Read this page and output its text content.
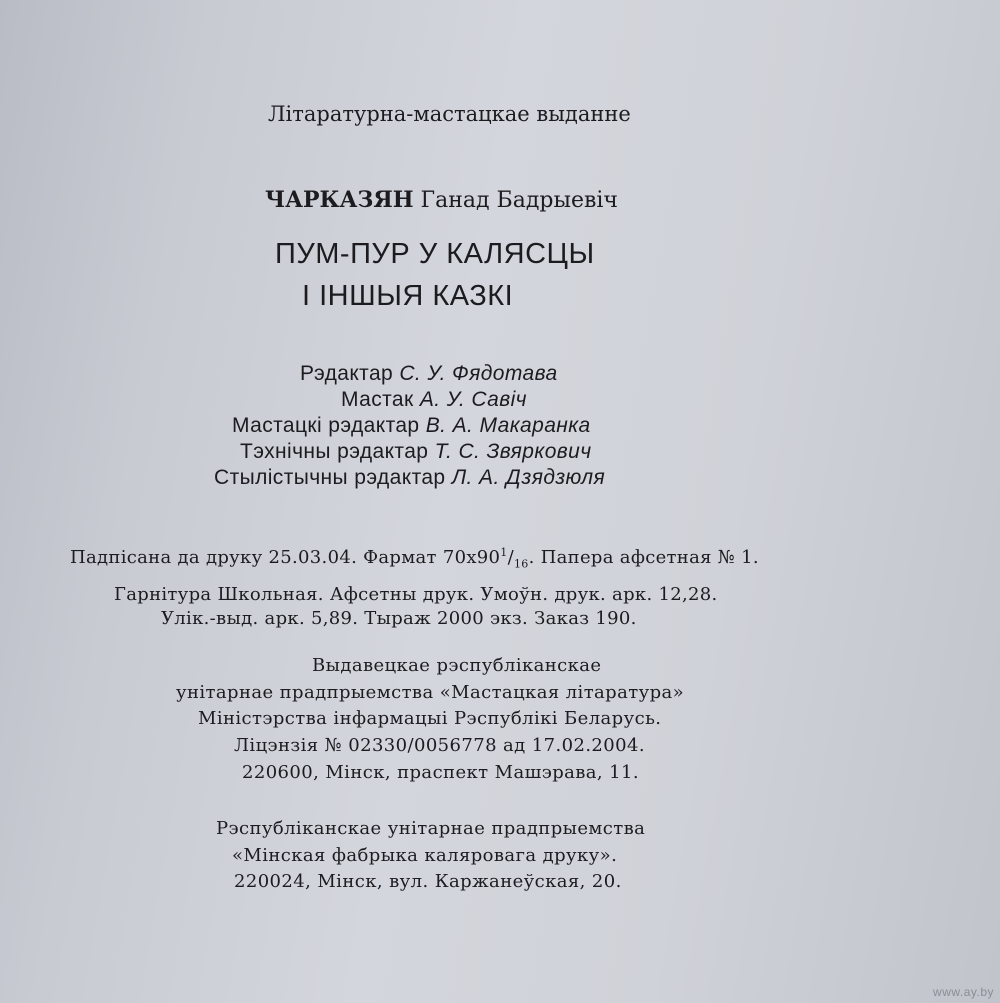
Літаратурна-мастацкае выданне
ЧАРКАЗЯН Ганад Бадрыевіч
ПУМ-ПУР У КАЛЯСЦЫ
І ІНШЫЯ КАЗКІ
Рэдактар С. У. Фядотава
Мастак А. У. Савіч
Мастацкі рэдактар В. А. Макаранка
Тэхнічны рэдактар Т. С. Звяркович
Стылістычны рэдактар Л. А. Дзядзюля
Падпісана да друку 25.03.04. Фармат $70х90^1/_{16}$. Папера афсетная № 1.
Гарнітура Школьная. Афсетны друк. Умоўн. друк. арк. 12,28.
Улік.-выд. арк. 5,89. Тыраж 2000 экз. Заказ 190.
Выдавецкае рэспубліканскае
унітарнае прадпрыемства «Мастацкая літаратура»
Міністэрства інфармацыі Рэспублікі Беларусь.
Ліцэнзія № 02330/0056778 ад 17.02.2004.
220600, Мінск, праспект Машэрава, 11.
Рэспубліканскае унітарнае прадпрыемства
«Мінская фабрыка каляровага друку».
220024, Мінск, вул. Каржанеўская, 20.
www.ay.by
